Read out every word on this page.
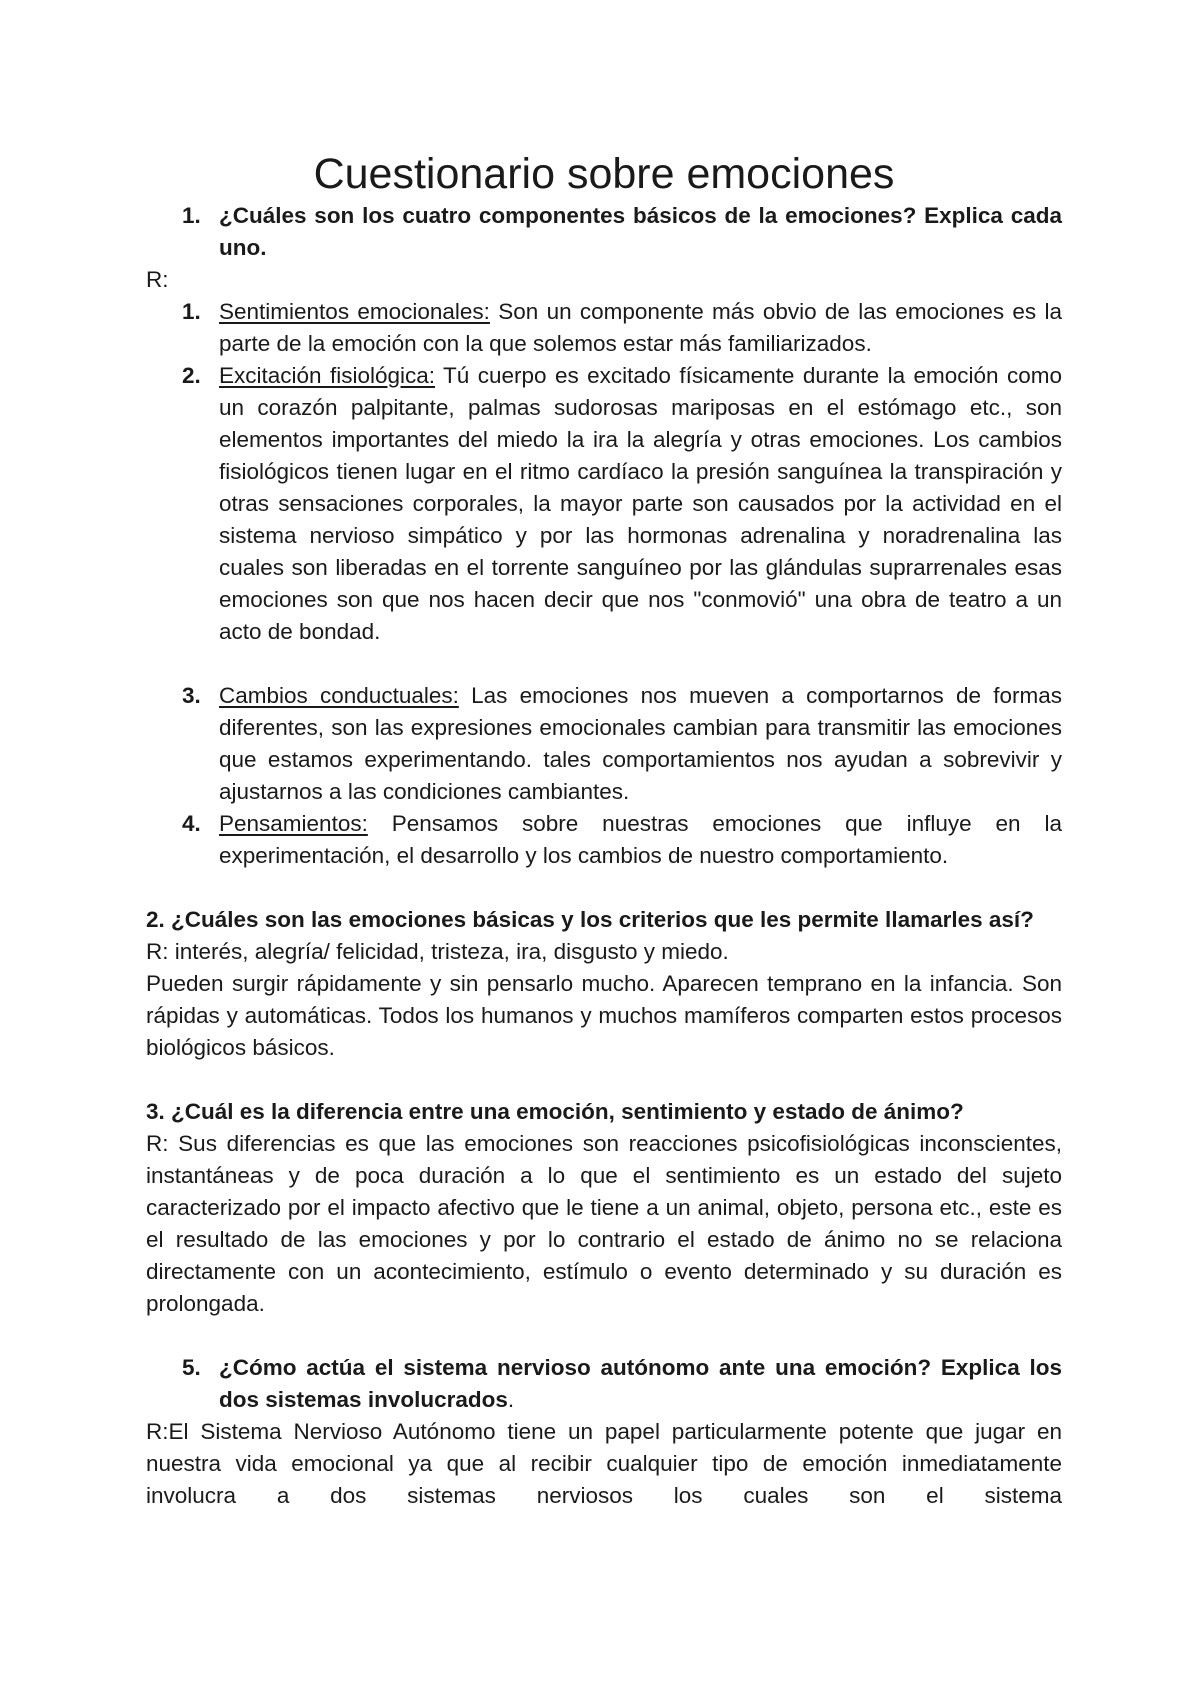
Cuestionario sobre emociones
1. ¿Cuáles son los cuatro componentes básicos de la emociones? Explica cada uno.

R:

1. Sentimientos emocionales: Son un componente más obvio de las emociones es la parte de la emoción con la que solemos estar más familiarizados.

2. Excitación fisiológica: Tú cuerpo es excitado físicamente durante la emoción como un corazón palpitante, palmas sudorosas mariposas en el estómago etc., son elementos importantes del miedo la ira la alegría y otras emociones. Los cambios fisiológicos tienen lugar en el ritmo cardíaco la presión sanguínea la transpiración y otras sensaciones corporales, la mayor parte son causados por la actividad en el sistema nervioso simpático y por las hormonas adrenalina y noradrenalina las cuales son liberadas en el torrente sanguíneo por las glándulas suprarrenales esas emociones son que nos hacen decir que nos "conmovió" una obra de teatro a un acto de bondad.

3. Cambios conductuales: Las emociones nos mueven a comportarnos de formas diferentes, son las expresiones emocionales cambian para transmitir las emociones que estamos experimentando. tales comportamientos nos ayudan a sobrevivir y ajustarnos a las condiciones cambiantes.

4. Pensamientos: Pensamos sobre nuestras emociones que influye en la experimentación, el desarrollo y los cambios de nuestro comportamiento.

2. ¿Cuáles son las emociones básicas y los criterios que les permite llamarles así?

R: interés, alegría/ felicidad, tristeza, ira, disgusto y miedo.

Pueden surgir rápidamente y sin pensarlo mucho. Aparecen temprano en la infancia. Son rápidas y automáticas. Todos los humanos y muchos mamíferos comparten estos procesos biológicos básicos.

3. ¿Cuál es la diferencia entre una emoción, sentimiento y estado de ánimo?

R: Sus diferencias es que las emociones son reacciones psicofisiológicas inconscientes, instantáneas y de poca duración a lo que el sentimiento es un estado del sujeto caracterizado por el impacto afectivo que le tiene a un animal, objeto, persona etc., este es el resultado de las emociones y por lo contrario el estado de ánimo no se relaciona directamente con un acontecimiento, estímulo o evento determinado y su duración es prolongada.

5. ¿Cómo actúa el sistema nervioso autónomo ante una emoción? Explica los dos sistemas involucrados.

R:El Sistema Nervioso Autónomo tiene un papel particularmente potente que jugar en nuestra vida emocional ya que al recibir cualquier tipo de emoción inmediatamente involucra a dos sistemas nerviosos los cuales son el sistema
